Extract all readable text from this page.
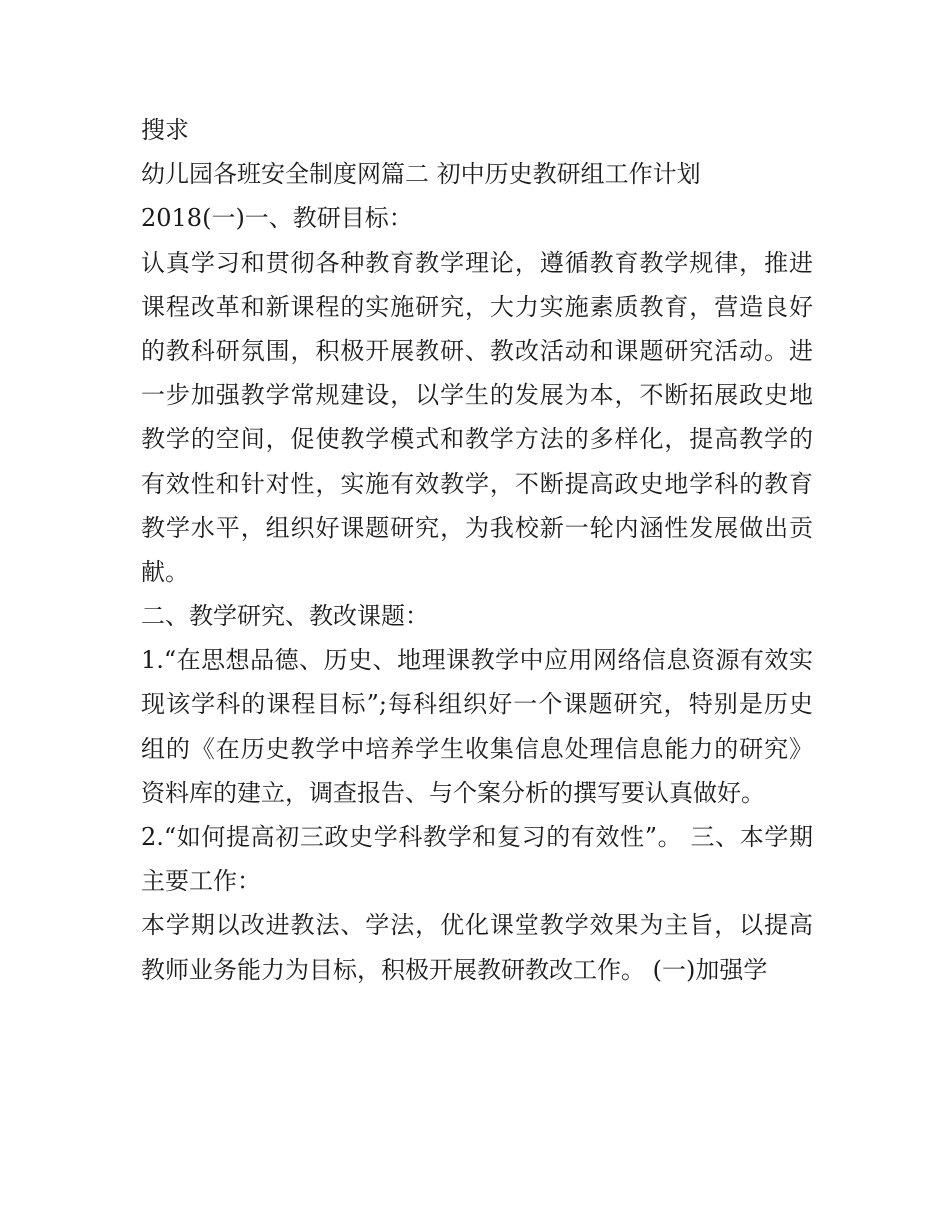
搜求
幼儿园各班安全制度网篇二 初中历史教研组工作计划
2018(一)一、教研目标：
认真学习和贯彻各种教育教学理论，遵循教育教学规律，推进
课程改革和新课程的实施研究，大力实施素质教育，营造良好
的教科研氛围，积极开展教研、教改活动和课题研究活动。进
一步加强教学常规建设，以学生的发展为本，不断拓展政史地
教学的空间，促使教学模式和教学方法的多样化，提高教学的
有效性和针对性，实施有效教学，不断提高政史地学科的教育
教学水平，组织好课题研究，为我校新一轮内涵性发展做出贡
献。
二、教学研究、教改课题：
1.“在思想品德、历史、地理课教学中应用网络信息资源有效实
现该学科的课程目标”;每科组织好一个课题研究，特别是历史
组的《在历史教学中培养学生收集信息处理信息能力的研究》
资料库的建立，调查报告、与个案分析的撰写要认真做好。
2.“如何提高初三政史学科教学和复习的有效性”。 三、本学期
主要工作：
本学期以改进教法、学法，优化课堂教学效果为主旨，以提高
教师业务能力为目标，积极开展教研教改工作。 (一)加强学
